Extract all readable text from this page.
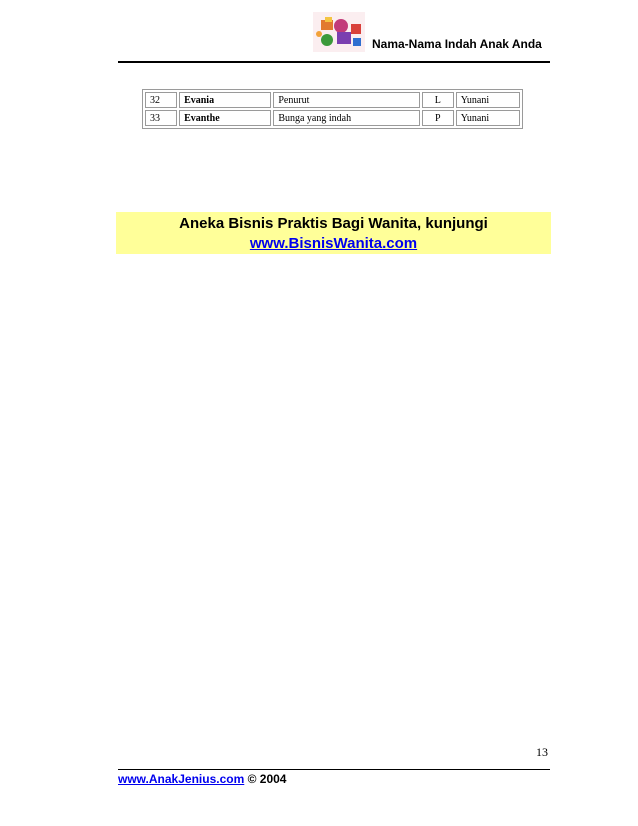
Nama-Nama Indah Anak Anda
32	Evania	Penurut	L	Yunani
33	Evanthe	Bunga yang indah	P	Yunani
Aneka Bisnis Praktis Bagi Wanita, kunjungi
www.BisnisWanita.com
13
www.AnakJenius.com © 2004
